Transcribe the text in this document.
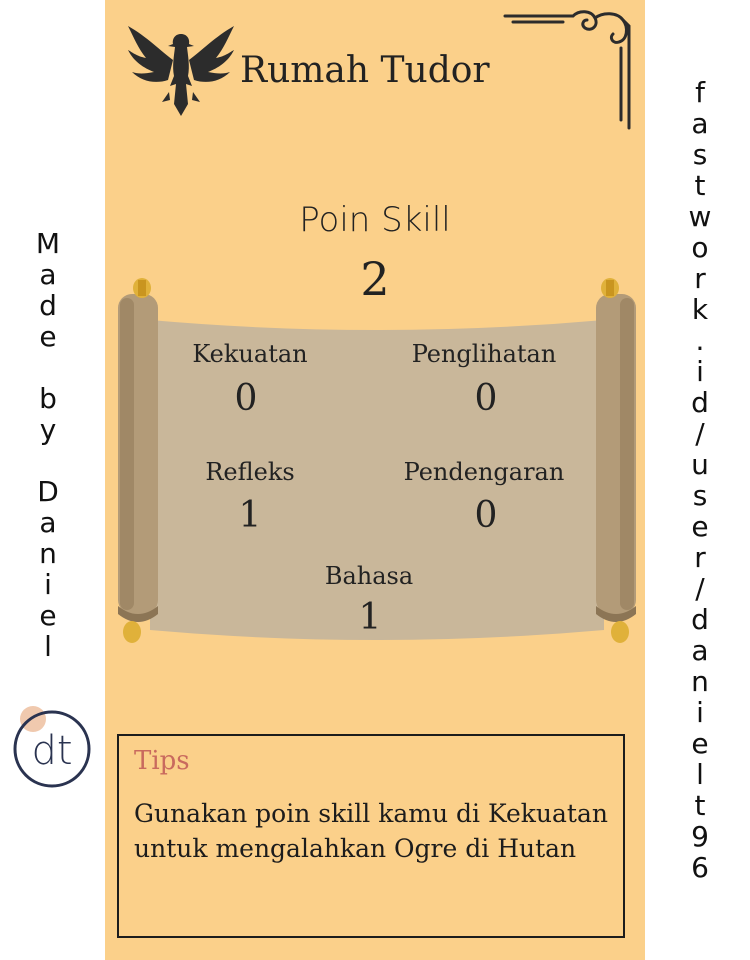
M
a
d
e
b
y
D
a
n
i
e
l
dt
Rumah Tudor
Poin Skill
2
Kekuatan
0
Penglihatan
0
Refleks
1
Pendengaran
0
Bahasa
1
Tips
Gunakan poin skill kamu di Kekuatan untuk mengalahkan Ogre di Hutan
f
a
s
t
w
o
r
k
.
i
d
/
u
s
e
r
/
d
a
n
i
e
l
t
9
6
